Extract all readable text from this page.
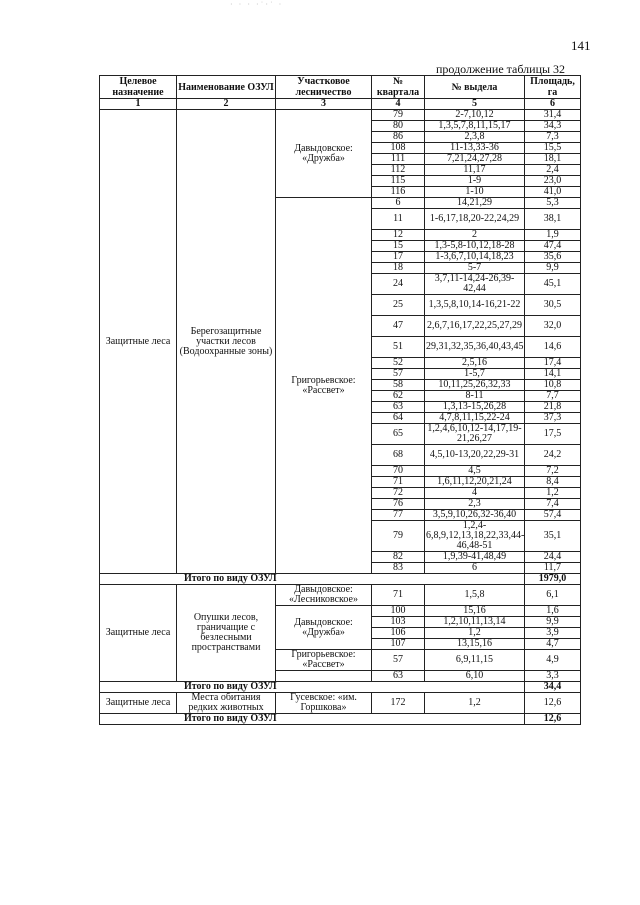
· · · ·˙·˙ ·
141
продолжение таблицы 32
Целевое назначение	Наименование ОЗУЛ	Участковое лесничество	№ квартала	№ выдела	Площадь, га
1	2	3	4	5	6
Защитные леса	Берегозащитные участки лесов (Водоохранные зоны)	Давыдовское: «Дружба»	79	2-7,10,12	31,4
			80	1,3,5,7,8,11,15,17	34,3
			86	2,3,8	7,3
			108	11-13,33-36	15,5
			111	7,21,24,27,28	18,1
			112	11,17	2,4
			115	1-9	23,0
			116	1-10	41,0
		Григорьевское: «Рассвет»	6	14,21,29	5,3
			11	1-6,17,18,20-22,24,29	38,1
			12	2	1,9
			15	1,3-5,8-10,12,18-28	47,4
			17	1-3,6,7,10,14,18,23	35,6
			18	5-7	9,9
			24	3,7,11-14,24-26,39-42,44	45,1
			25	1,3,5,8,10,14-16,21-22	30,5
			47	2,6,7,16,17,22,25,27,29	32,0
			51	29,31,32,35,36,40,43,45	14,6
			52	2,5,16	17,4
			57	1-5,7	14,1
			58	10,11,25,26,32,33	10,8
			62	8-11	7,7
			63	1,3,13-15,26,28	21,8
			64	4,7,8,11,15,22-24	37,3
			65	1,2,4,6,10,12-14,17,19-21,26,27	17,5
			68	4,5,10-13,20,22,29-31	24,2
			70	4,5	7,2
			71	1,6,11,12,20,21,24	8,4
			72	4	1,2
			76	2,3	7,4
			77	3,5,9,10,26,32-36,40	57,4
			79	1,2,4-6,8,9,12,13,18,22,33,44-46,48-51	35,1
			82	1,9,39-41,48,49	24,4
			83	6	11,7
Итого по виду ОЗУЛ					1979,0
Защитные леса	Опушки лесов, граничащие с безлесными пространствами	Давыдовское: «Лесниковское»	71	1,5,8	6,1
		Давыдовское: «Дружба»	100	15,16	1,6
			103	1,2,10,11,13,14	9,9
			106	1,2	3,9
			107	13,15,16	4,7
		Григорьевское: «Рассвет»	57	6,9,11,15	4,9
			63	6,10	3,3
Итого по виду ОЗУЛ					34,4
Защитные леса	Места обитания редких животных	Гусевское: «им. Горшкова»	172	1,2	12,6
Итого по виду ОЗУЛ					12,6
